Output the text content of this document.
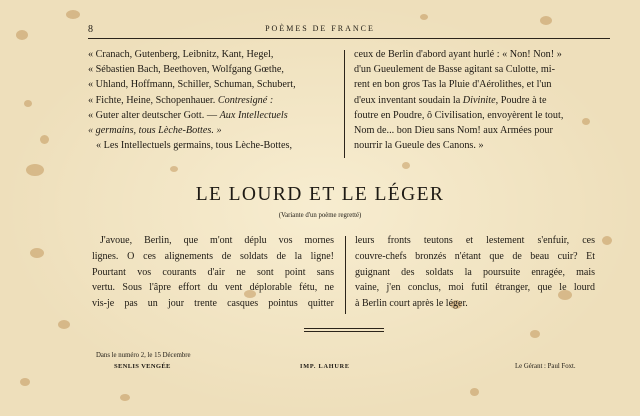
8	POÈMES DE FRANCE
« Cranach, Gutenberg, Leibnitz, Kant, Hegel,
« Sébastien Bach, Beethoven, Wolfgang Gœthe,
« Uhland, Hoffmann, Schiller, Schuman, Schubert,
« Fichte, Heine, Schopenhauer. Contresigné :
« Guter alter deutscher Gott. — Aux Intellectuels
« germains, tous Lèche-Bottes. »
« Les Intellectuels germains, tous Lèche-Bottes,
ceux de Berlin d'abord ayant hurlé : « Non! Non! »
d'un Gueulement de Basse agitant sa Culotte, mi-
rent en bon gros Tas la Pluie d'Aérolithes, et l'un
d'eux inventant soudain la Divinite, Poudre à te
foutre en Poudre, ô Civilisation, envoyèrent le tout,
Nom de... bon Dieu sans Nom! aux Armées pour
nourrir la Gueule des Canons. »
LE LOURD ET LE LÉGER
(Variante d'un poème regretté)
J'avoue, Berlin, que m'ont déplu vos mornes
lignes. O ces alignements de soldats de la ligne!
Pourtant vos courants d'air ne sont point sans
vertu. Sous l'âpre effort du vent déplorable fétu, ne
vis-je pas un jour trente casques pointus quitter
leurs fronts teutons et lestement s'enfuir, ces
couvre-chefs bronzés n'étant que de beau cuir? Et
guignant des soldats la poursuite enragée, mais
vaine, j'en conclus, moi futil étranger, que le lourd
à Berlin court après le léger.
Dans le numéro 2, le 15 Décembre
SENLIS VENGÉE	IMP. LAHURE	Le Gérant : Paul Foxt.
